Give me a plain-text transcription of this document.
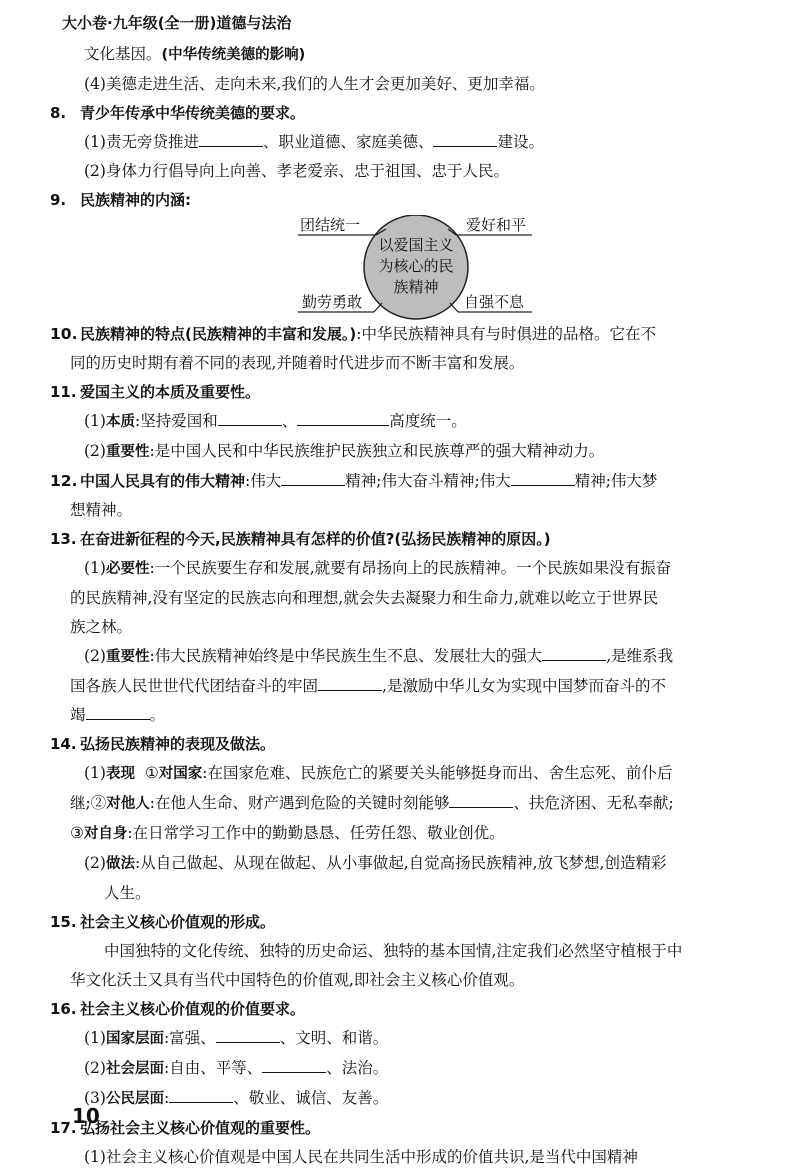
大小卷·九年级(全一册)道德与法治
文化基因。(中华传统美德的影响)
(4)美德走进生活、走向未来,我们的人生才会更加美好、更加幸福。
8. 青少年传承中华传统美德的要求。
(1)责无旁贷推进	、职业道德、家庭美德、	建设。
(2)身体力行倡导向上向善、孝老爱亲、忠于祖国、忠于人民。
9. 民族精神的内涵:
团结统一	爱好和平
勤劳勇敢	自强不息
以爱国主义
为核心的民
族精神
10. 民族精神的特点(民族精神的丰富和发展。):中华民族精神具有与时俱进的品格。它在不
同的历史时期有着不同的表现,并随着时代进步而不断丰富和发展。
11. 爱国主义的本质及重要性。
(1)本质:坚持爱国和	、	高度统一。
(2)重要性:是中国人民和中华民族维护民族独立和民族尊严的强大精神动力。
12. 中国人民具有的伟大精神:伟大	精神;伟大奋斗精神;伟大	精神;伟大梦
想精神。
13. 在奋进新征程的今天,民族精神具有怎样的价值?(弘扬民族精神的原因。)
(1)必要性:一个民族要生存和发展,就要有昂扬向上的民族精神。一个民族如果没有振奋
的民族精神,没有坚定的民族志向和理想,就会失去凝聚力和生命力,就难以屹立于世界民
族之林。
(2)重要性:伟大民族精神始终是中华民族生生不息、发展壮大的强大	,是维系我
国各族人民世世代代团结奋斗的牢固	,是激励中华儿女为实现中国梦而奋斗的不
竭	。
14. 弘扬民族精神的表现及做法。
(1)表现 ①对国家:在国家危难、民族危亡的紧要关头能够挺身而出、舍生忘死、前仆后
继;②对他人:在他人生命、财产遇到危险的关键时刻能够	、扶危济困、无私奉献;
③对自身:在日常学习工作中的勤勤恳恳、任劳任怨、敬业创优。
(2)做法:从自己做起、从现在做起、从小事做起,自觉高扬民族精神,放飞梦想,创造精彩
人生。
15. 社会主义核心价值观的形成。
中国独特的文化传统、独特的历史命运、独特的基本国情,注定我们必然坚守植根于中
华文化沃土又具有当代中国特色的价值观,即社会主义核心价值观。
16. 社会主义核心价值观的价值要求。
(1)国家层面:富强、	、文明、和谐。
(2)社会层面:自由、平等、	、法治。
(3)公民层面:	、敬业、诚信、友善。
17. 弘扬社会主义核心价值观的重要性。
(1)社会主义核心价值观是中国人民在共同生活中形成的价值共识,是当代中国精神
10
